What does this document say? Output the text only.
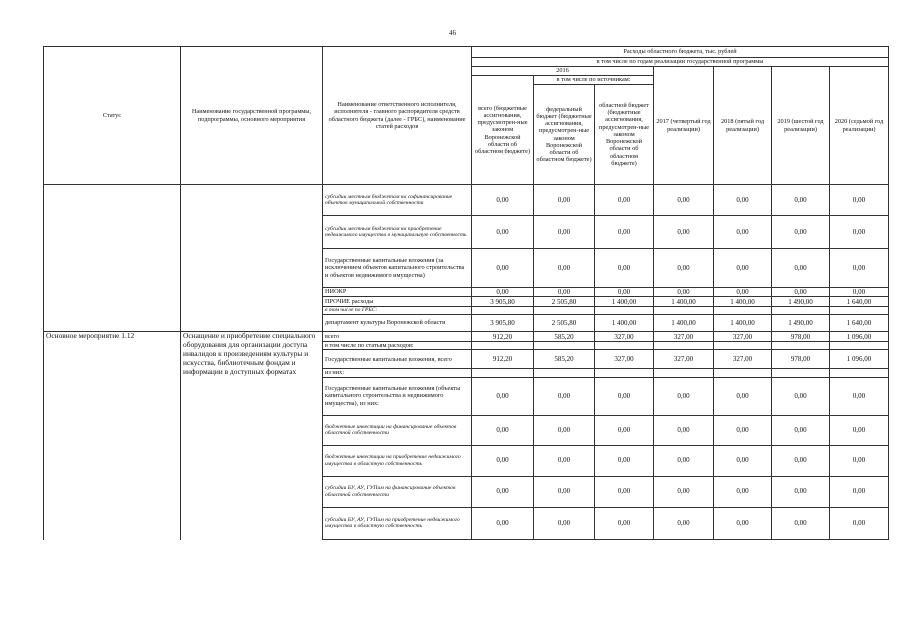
46
Статус	Наименование государственной программы, подпрограммы, основного мероприятия	Наименование ответственного исполнителя, исполнителя - главного распорядителя средств областного бюджета (далее - ГРБС), наименование статей расходов	Расходы областного бюджета, тыс. рублей						
			в том числе по годам реализации государственной программы						
			2016			2017 (четвертый год реализации)	2018 (пятый год реализации)	2019 (шестой год реализации)	2020 (седьмой год реализации)
			всего (бюджетные ассигнования, предусмотрен-ные законом Воронежской области об областном бюджете)	в том числе по источникам:					
				федеральный бюджет (бюджетные ассигнования, предусмотрен-ные законом Воронежской области об областном бюджете)	областной бюджет (бюджетные ассигнования, предусмотрен-ные законом Воронежской области об областном бюджете)				
		субсидии местным бюджетам на софинансирование объектов муниципальной собственности	0,00	0,00	0,00	0,00	0,00	0,00	0,00
		субсидии местным бюджетам на приобретение недвижимого имущества в муниципальную собственность	0,00	0,00	0,00	0,00	0,00	0,00	0,00
		Государственные капитальные вложения (за исключением объектов капитального строительства и объектов недвижимого имущества)	0,00	0,00	0,00	0,00	0,00	0,00	0,00
		НИОКР	0,00	0,00	0,00	0,00	0,00	0,00	0,00
		ПРОЧИЕ расходы	3 905,80	2 505,80	1 400,00	1 400,00	1 400,00	1 490,00	1 640,00
		в том числе по ГРБС:							
		департамент культуры Воронежской области	3 905,80	2 505,80	1 400,00	1 400,00	1 400,00	1 490,00	1 640,00
Основное мероприятие 1.12	Оснащение и приобретение специального оборудования для организации доступа инвалидов к произведениям культуры и искусства, библиотечным фондам и информации в доступных форматах	всего	912,20	585,20	327,00	327,00	327,00	978,00	1 096,00
		в том числе по статьям расходов:							
		Государственные капитальные вложения, всего	912,20	585,20	327,00	327,00	327,00	978,00	1 096,00
		из них:							
		Государственные капитальные вложения (объекты капитального строительства и недвижимого имущества), из них:	0,00	0,00	0,00	0,00	0,00	0,00	0,00
		бюджетные инвестиции на финансирование объектов областной собственности	0,00	0,00	0,00	0,00	0,00	0,00	0,00
		бюджетные инвестиции на приобретение недвижимого имущества в областную собственность	0,00	0,00	0,00	0,00	0,00	0,00	0,00
		субсидии БУ, АУ, ГУПам на финансирование объектов областной собственности	0,00	0,00	0,00	0,00	0,00	0,00	0,00
		субсидии БУ, АУ, ГУПам на приобретение недвижимого имущества в областную собственность	0,00	0,00	0,00	0,00	0,00	0,00	0,00
